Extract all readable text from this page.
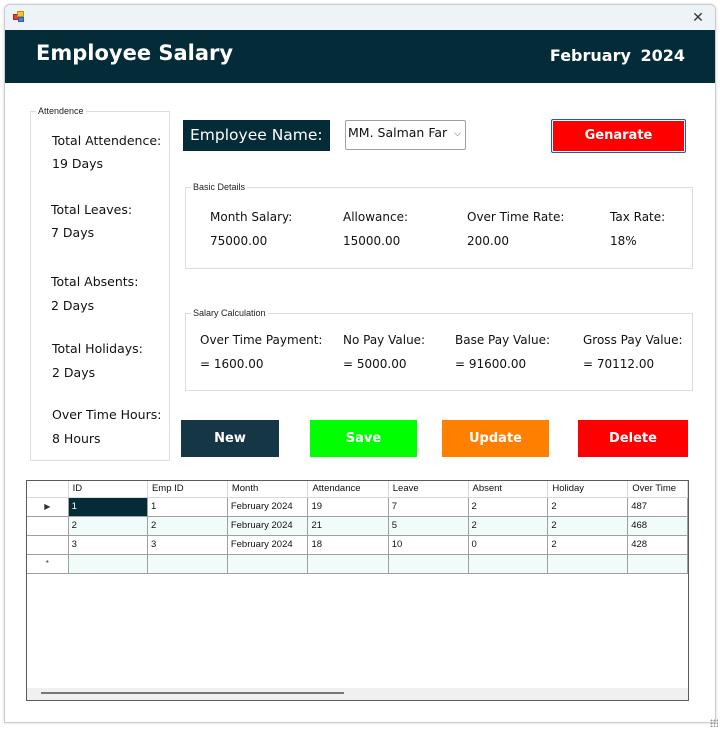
✕
Employee Salary	February 2024
Attendence
Total Attendence:
19 Days
Total Leaves:
7 Days
Total Absents:
2 Days
Total Holidays:
2 Days
Over Time Hours:
8 Hours
Employee Name:	MM. Salman Far ⌵	Genarate
Basic Details
Month Salary:
75000.00
Allowance:
15000.00
Over Time Rate:
200.00
Tax Rate:
18%
Salary Calculation
Over Time Payment:
= 1600.00
No Pay Value:
= 5000.00
Base Pay Value:
= 91600.00
Gross Pay Value:
= 70112.00
New	Save	Update	Delete
	ID	Emp ID	Month	Attendance	Leave	Absent	Holiday	Over Time
▶	1	1	February 2024	19	7	2	2	487
	2	2	February 2024	21	5	2	2	468
	3	3	February 2024	18	10	0	2	428
*								
